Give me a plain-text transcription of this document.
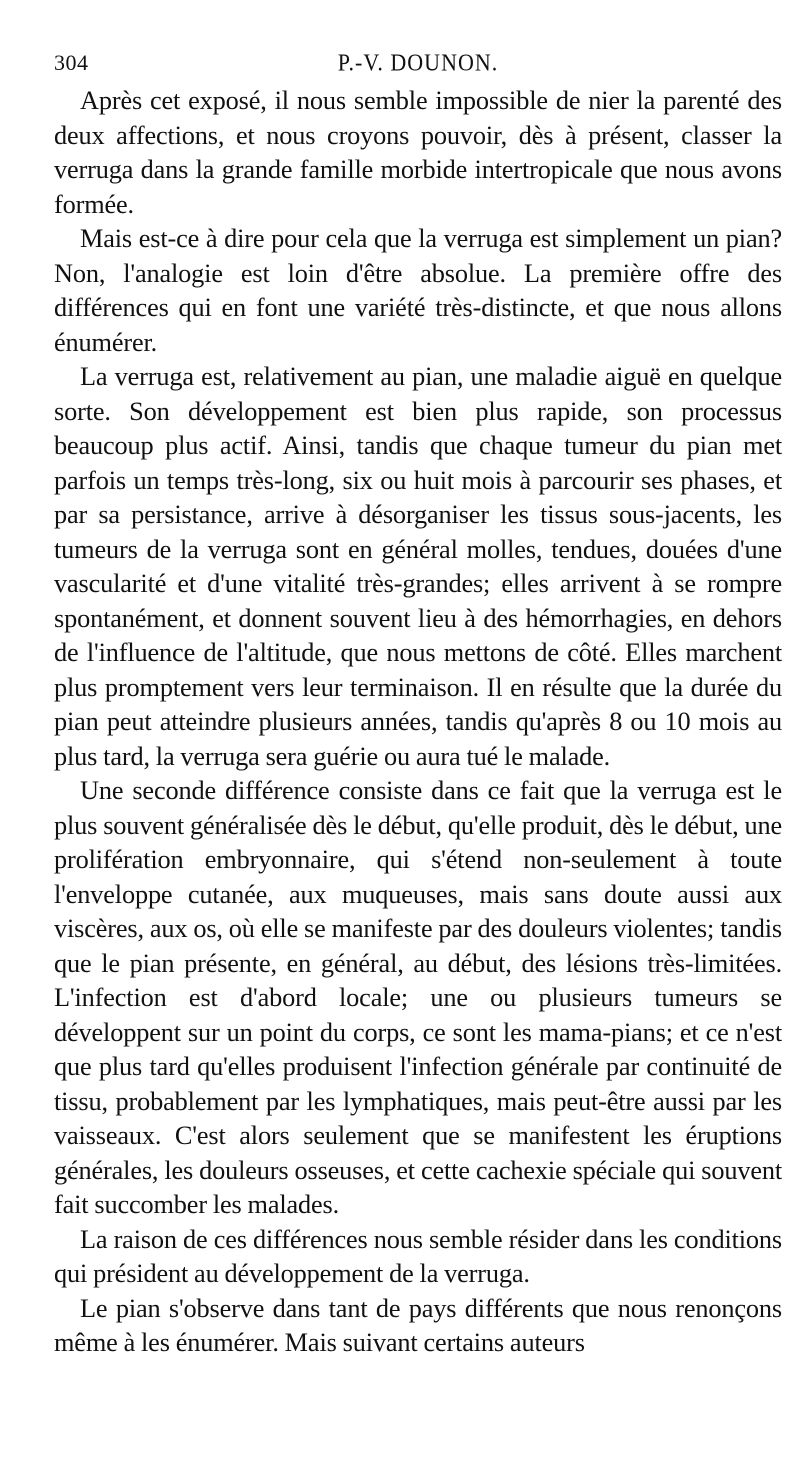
304	P.-V. DOUNON.

Après cet exposé, il nous semble impossible de nier la parenté des deux affections, et nous croyons pouvoir, dès à présent, classer la verruga dans la grande famille morbide intertropicale que nous avons formée.

Mais est-ce à dire pour cela que la verruga est simplement un pian? Non, l'analogie est loin d'être absolue. La première offre des différences qui en font une variété très-distincte, et que nous allons énumérer.

La verruga est, relativement au pian, une maladie aiguë en quelque sorte. Son développement est bien plus rapide, son processus beaucoup plus actif. Ainsi, tandis que chaque tumeur du pian met parfois un temps très-long, six ou huit mois à parcourir ses phases, et par sa persistance, arrive à désorganiser les tissus sous-jacents, les tumeurs de la verruga sont en général molles, tendues, douées d'une vascularité et d'une vitalité très-grandes; elles arrivent à se rompre spontanément, et donnent souvent lieu à des hémorrhagies, en dehors de l'influence de l'altitude, que nous mettons de côté. Elles marchent plus promptement vers leur terminaison. Il en résulte que la durée du pian peut atteindre plusieurs années, tandis qu'après 8 ou 10 mois au plus tard, la verruga sera guérie ou aura tué le malade.

Une seconde différence consiste dans ce fait que la verruga est le plus souvent généralisée dès le début, qu'elle produit, dès le début, une prolifération embryonnaire, qui s'étend non-seulement à toute l'enveloppe cutanée, aux muqueuses, mais sans doute aussi aux viscères, aux os, où elle se manifeste par des douleurs violentes; tandis que le pian présente, en général, au début, des lésions très-limitées. L'infection est d'abord locale; une ou plusieurs tumeurs se développent sur un point du corps, ce sont les mama-pians; et ce n'est que plus tard qu'elles produisent l'infection générale par continuité de tissu, probablement par les lymphatiques, mais peut-être aussi par les vaisseaux. C'est alors seulement que se manifestent les éruptions générales, les douleurs osseuses, et cette cachexie spéciale qui souvent fait succomber les malades.

La raison de ces différences nous semble résider dans les conditions qui président au développement de la verruga.

Le pian s'observe dans tant de pays différents que nous renonçons même à les énumérer. Mais suivant certains auteurs
